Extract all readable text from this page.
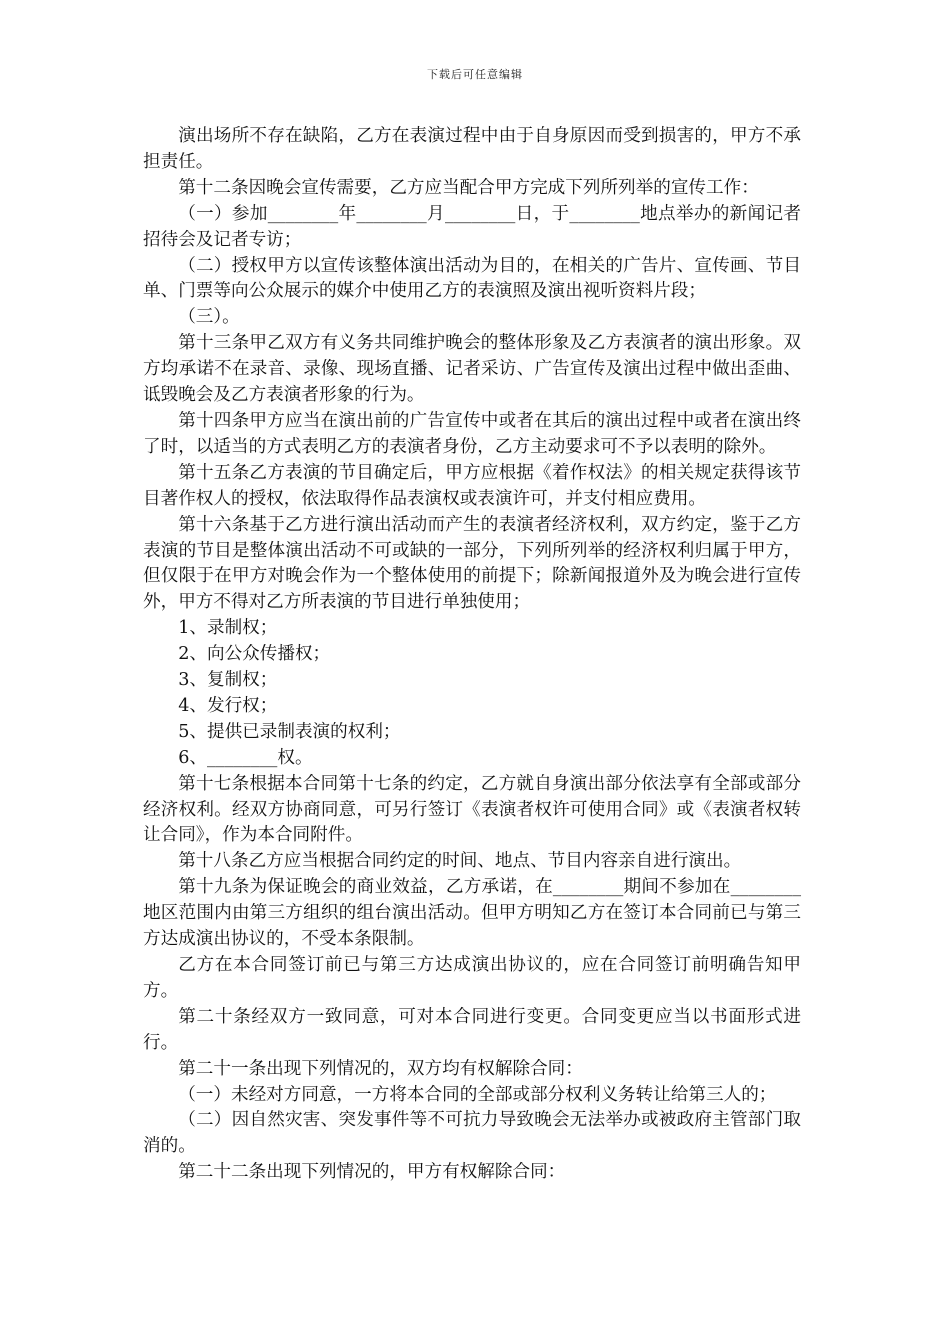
下载后可任意编辑

演出场所不存在缺陷，乙方在表演过程中由于自身原因而受到损害的，甲方不承担责任。

第十二条因晚会宣传需要，乙方应当配合甲方完成下列所列举的宣传工作：

（一）参加________年________月________日，于________地点举办的新闻记者招待会及记者专访；

（二）授权甲方以宣传该整体演出活动为目的，在相关的广告片、宣传画、节目单、门票等向公众展示的媒介中使用乙方的表演照及演出视听资料片段；

（三）。

第十三条甲乙双方有义务共同维护晚会的整体形象及乙方表演者的演出形象。双方均承诺不在录音、录像、现场直播、记者采访、广告宣传及演出过程中做出歪曲、诋毁晚会及乙方表演者形象的行为。

第十四条甲方应当在演出前的广告宣传中或者在其后的演出过程中或者在演出终了时，以适当的方式表明乙方的表演者身份，乙方主动要求可不予以表明的除外。

第十五条乙方表演的节目确定后，甲方应根据《着作权法》的相关规定获得该节目著作权人的授权，依法取得作品表演权或表演许可，并支付相应费用。

第十六条基于乙方进行演出活动而产生的表演者经济权利，双方约定，鉴于乙方表演的节目是整体演出活动不可或缺的一部分，下列所列举的经济权利归属于甲方，但仅限于在甲方对晚会作为一个整体使用的前提下；除新闻报道外及为晚会进行宣传外，甲方不得对乙方所表演的节目进行单独使用；

1、录制权；

2、向公众传播权；

3、复制权；

4、发行权；

5、提供已录制表演的权利；

6、________权。

第十七条根据本合同第十七条的约定，乙方就自身演出部分依法享有全部或部分经济权利。经双方协商同意，可另行签订《表演者权许可使用合同》或《表演者权转让合同》，作为本合同附件。

第十八条乙方应当根据合同约定的时间、地点、节目内容亲自进行演出。

第十九条为保证晚会的商业效益，乙方承诺，在________期间不参加在________地区范围内由第三方组织的组台演出活动。但甲方明知乙方在签订本合同前已与第三方达成演出协议的，不受本条限制。

乙方在本合同签订前已与第三方达成演出协议的，应在合同签订前明确告知甲方。

第二十条经双方一致同意，可对本合同进行变更。合同变更应当以书面形式进行。

第二十一条出现下列情况的，双方均有权解除合同：

（一）未经对方同意，一方将本合同的全部或部分权利义务转让给第三人的；

（二）因自然灾害、突发事件等不可抗力导致晚会无法举办或被政府主管部门取消的。

第二十二条出现下列情况的，甲方有权解除合同：
